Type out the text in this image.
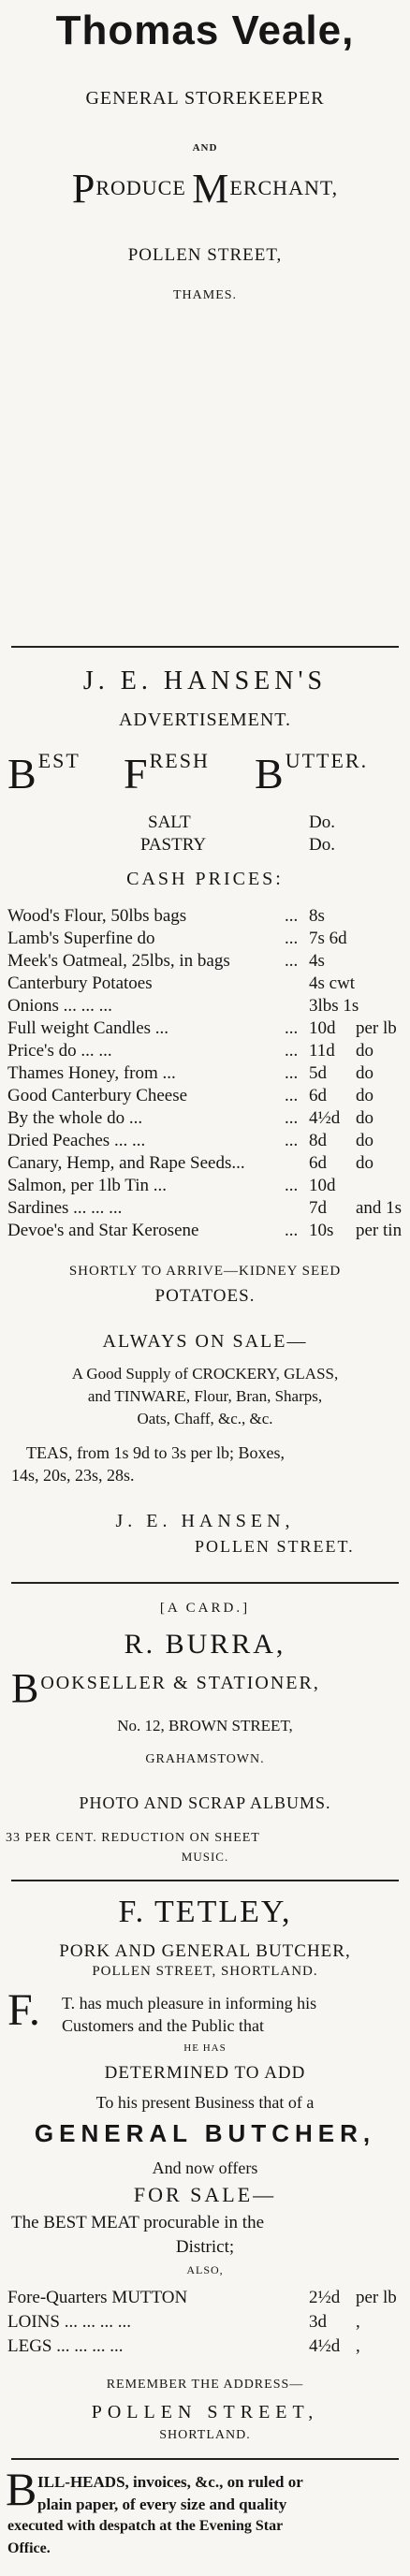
Thomas Veale,
GENERAL STOREKEEPER
AND
PRODUCE MERCHANT,
POLLEN STREET,
THAMES.
J. E. HANSEN'S
ADVERTISEMENT.
BEST FRESH BUTTER.
SALT	Do.
PASTRY	Do.
CASH PRICES:
Wood's Flour, 50lbs bags	... 8s
Lamb's Superfine do	... 7s 6d
Meek's Oatmeal, 25lbs, in bags	... 4s
Canterbury Potatoes	4s cwt
Onions ... ... ...	3lbs 1s
Full weight Candles ...	... 10d per lb
Price's do ... ...	... 11d do
Thames Honey, from ...	... 5d do
Good Canterbury Cheese	... 6d do
By the whole do ...	... 4½d do
Dried Peaches ... ...	... 8d do
Canary, Hemp, and Rape Seeds...	6d do
Salmon, per 1lb Tin ...	... 10d
Sardines ... ... ...	7d and 1s
Devoe's and Star Kerosene	... 10s per tin
SHORTLY TO ARRIVE—KIDNEY SEED
POTATOES.
ALWAYS ON SALE—
A Good Supply of CROCKERY, GLASS,
and TINWARE, Flour, Bran, Sharps,
Oats, Chaff, &c., &c.
TEAS, from 1s 9d to 3s per lb; Boxes,
14s, 20s, 23s, 28s.
J. E. HANSEN,
POLLEN STREET.
[A CARD.]
R. BURRA,
BOOKSELLER & STATIONER,
No. 12, BROWN STREET,
GRAHAMSTOWN.
PHOTO AND SCRAP ALBUMS.
33 PER CENT. REDUCTION ON SHEET
MUSIC.
F. TETLEY,
PORK AND GENERAL BUTCHER,
POLLEN STREET, SHORTLAND.
F.	T. has much pleasure in informing his
Customers and the Public that
HE HAS
DETERMINED TO ADD
To his present Business that of a
GENERAL BUTCHER,
And now offers
FOR SALE—
The BEST MEAT procurable in the
District;
ALSO,
Fore-Quarters MUTTON	2½d per lb
LOINS ... ... ... ...	3d ,
LEGS ... ... ... ...	4½d ,
REMEMBER THE ADDRESS—
POLLEN STREET,
SHORTLAND.
B ILL-HEADS, invoices, &c., on ruled or
plain paper, of every size and quality
executed with despatch at the Evening Star
Office.
